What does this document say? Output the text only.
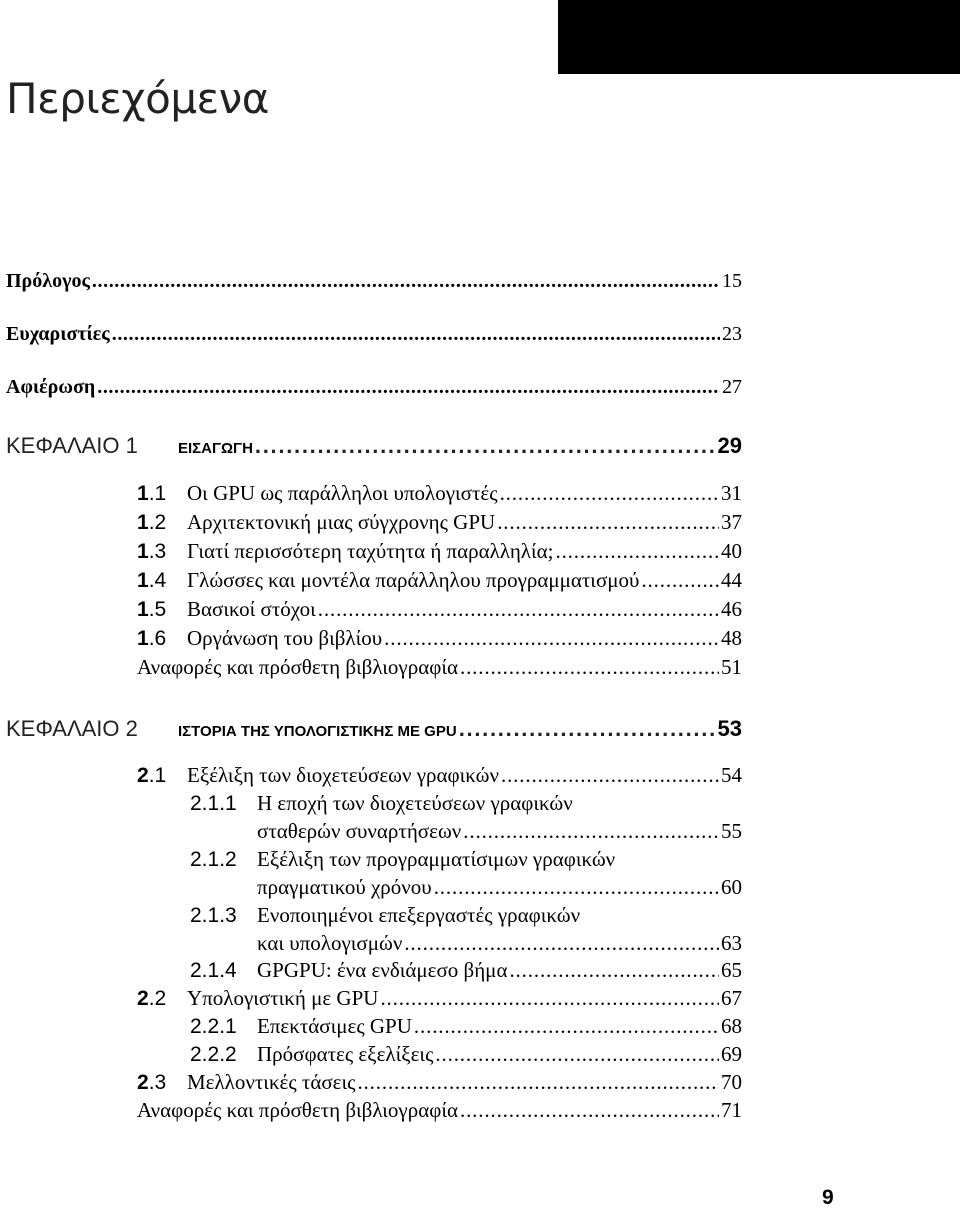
Περιεχόμενα
Πρόλογος . . .	15
Ευχαριστίες . . .	23
Αφιέρωση . . .	27
ΚΕΦΑΛΑΙΟ 1	ΕΙΣΑΓΩΓΗ . . .	29
1.1 Οι GPU ως παράλληλοι υπολογιστές . . .	31
1.2 Αρχιτεκτονική μιας σύγχρονης GPU . . .	37
1.3 Γιατί περισσότερη ταχύτητα ή παραλληλία; . . .	40
1.4 Γλώσσες και μοντέλα παράλληλου προγραμματισμού . . .	44
1.5 Βασικοί στόχοι . . .	46
1.6 Οργάνωση του βιβλίου . . .	48
Αναφορές και πρόσθετη βιβλιογραφία . . .	51
ΚΕΦΑΛΑΙΟ 2	ΙΣΤΟΡΙΑ ΤΗΣ ΥΠΟΛΟΓΙΣΤΙΚΗΣ ΜΕ GPU . . .	53
2.1 Εξέλιξη των διοχετεύσεων γραφικών . . .	54
2.1.1 Η εποχή των διοχετεύσεων γραφικών
σταθερών συναρτήσεων . . .	55
2.1.2 Εξέλιξη των προγραμματίσιμων γραφικών
πραγματικού χρόνου . . .	60
2.1.3 Ενοποιημένοι επεξεργαστές γραφικών
και υπολογισμών . . .	63
2.1.4 GPGPU: ένα ενδιάμεσο βήμα . . .	65
2.2 Υπολογιστική με GPU . . .	67
2.2.1 Επεκτάσιμες GPU . . .	68
2.2.2 Πρόσφατες εξελίξεις . . .	69
2.3 Μελλοντικές τάσεις . . .	70
Αναφορές και πρόσθετη βιβλιογραφία . . .	71
9
